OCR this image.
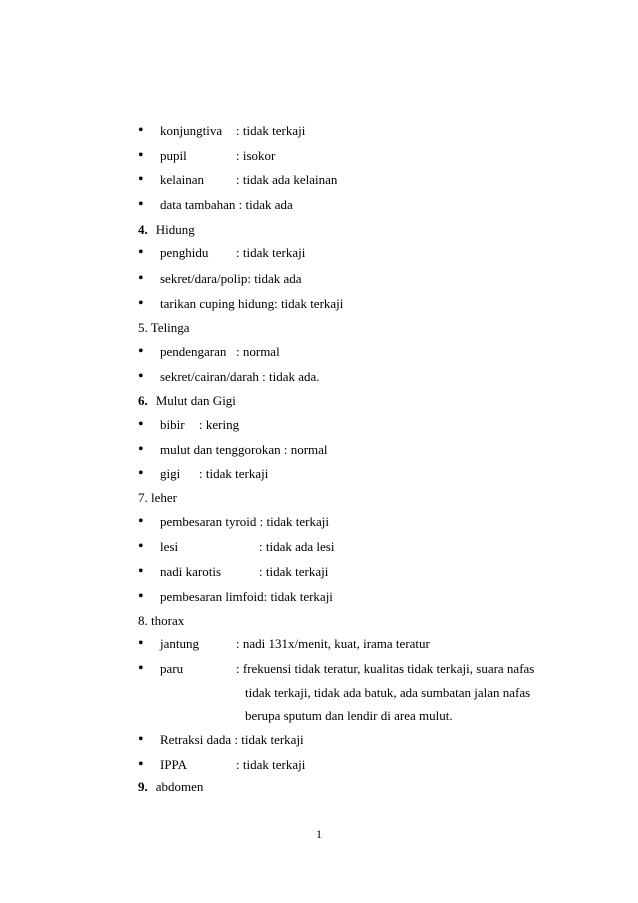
•
konjungtiva : tidak terkaji
•
pupil	: isokor
•
kelainan : tidak ada kelainan
•
data tambahan : tidak ada
4. Hidung
•
penghidu : tidak terkaji
•
sekret/dara/polip: tidak ada
•
tarikan cuping hidung: tidak terkaji
5. Telinga
•
pendengaran : normal
•
sekret/cairan/darah : tidak ada.
6. Mulut dan Gigi
•
bibir : kering
•
mulut dan tenggorokan : normal
•
gigi : tidak terkaji
7. leher
•
pembesaran tyroid : tidak terkaji
•
lesi	: tidak ada lesi
•
nadi karotis	: tidak terkaji
•
pembesaran limfoid: tidak terkaji
8. thorax
•
jantung	: nadi 131x/menit, kuat, irama teratur
•
paru	: frekuensi tidak teratur, kualitas tidak terkaji, suara nafas
tidak terkaji, tidak ada batuk, ada sumbatan jalan nafas
berupa sputum dan lendir di area mulut.
•
Retraksi dada : tidak terkaji
•
IPPA	: tidak terkaji
9. abdomen
1
